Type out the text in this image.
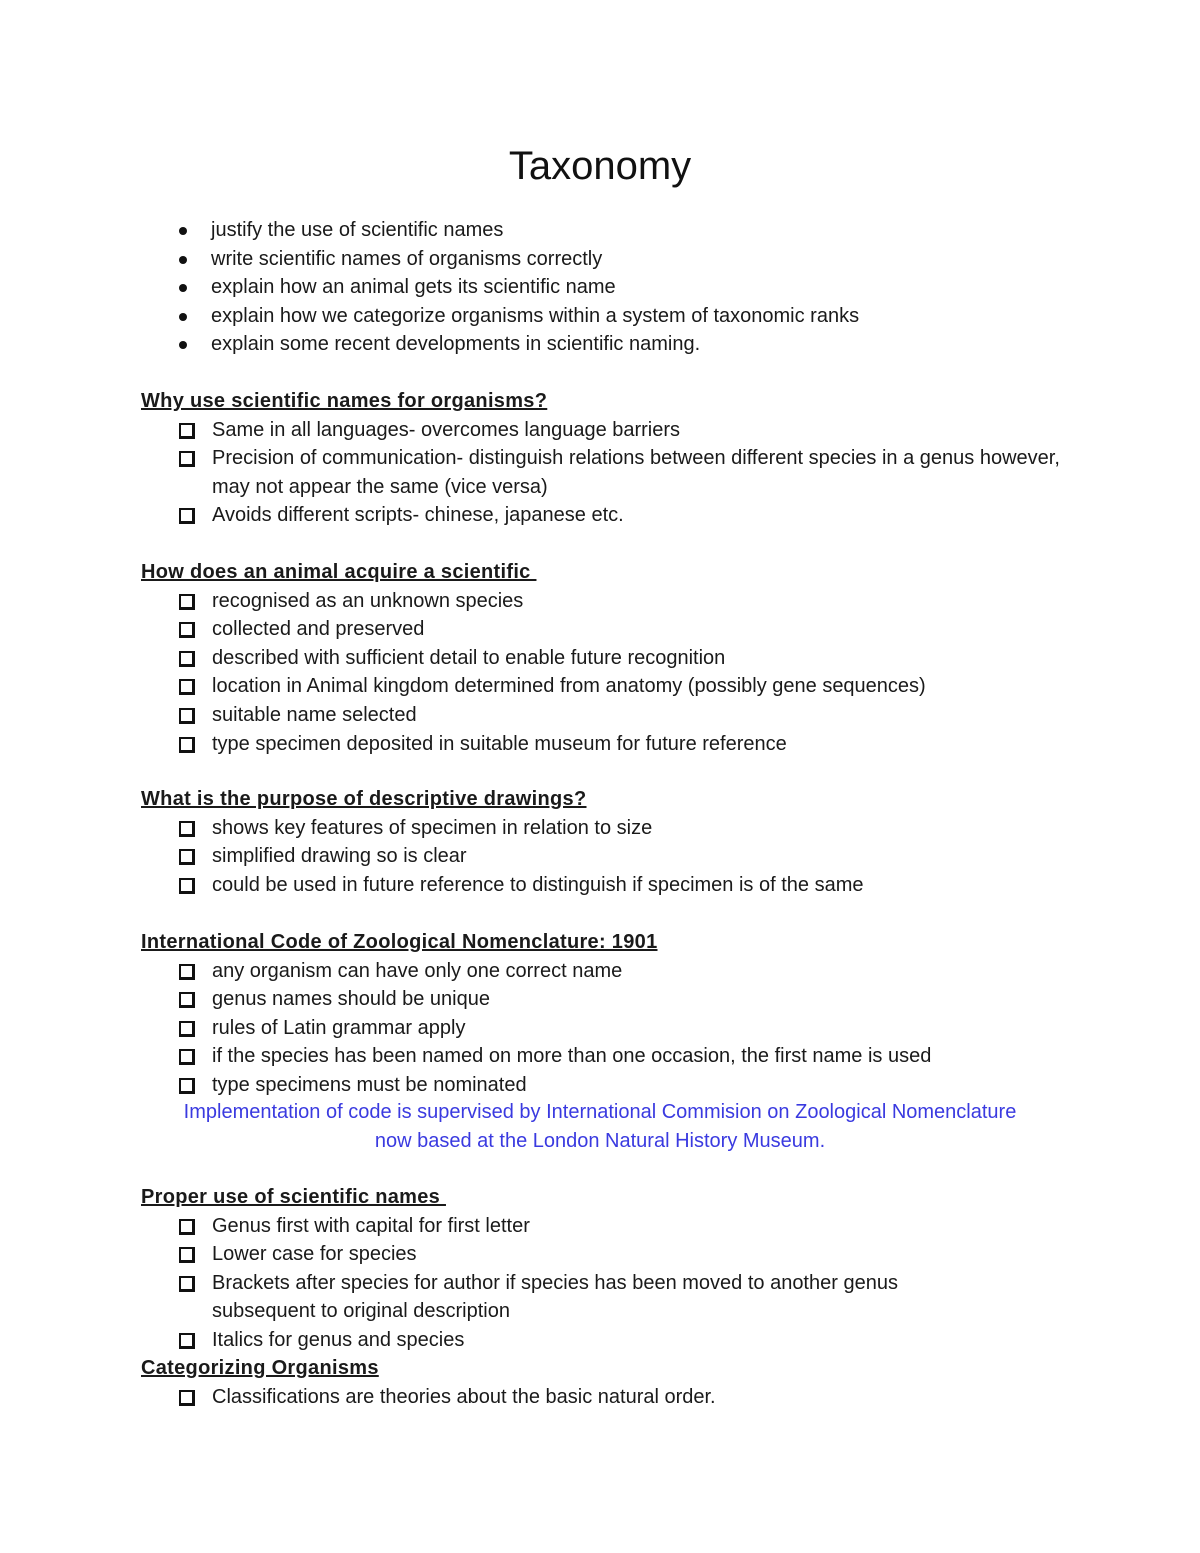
Taxonomy
justify the use of scientific names
write scientific names of organisms correctly
explain how an animal gets its scientific name
explain how we categorize organisms within a system of taxonomic ranks
explain some recent developments in scientific naming.
Why use scientific names for organisms?
Same in all languages- overcomes language barriers
Precision of communication- distinguish relations between different species in a genus however, may not appear the same (vice versa)
Avoids different scripts- chinese, japanese etc.
How does an animal acquire a scientific
recognised as an unknown species
collected and preserved
described with sufficient detail to enable future recognition
location in Animal kingdom determined from anatomy (possibly gene sequences)
suitable name selected
type specimen deposited in suitable museum for future reference
What is the purpose of descriptive drawings?
shows key features of specimen in relation to size
simplified drawing so is clear
could be used in future reference to distinguish if specimen is of the same
International Code of Zoological Nomenclature: 1901
any organism can have only one correct name
genus names should be unique
rules of Latin grammar apply
if the species has been named on more than one occasion, the first name is used
type specimens must be nominated
Implementation of code is supervised by International Commision on Zoological Nomenclature
now based at the London Natural History Museum.
Proper use of scientific names
Genus first with capital for first letter
Lower case for species
Brackets after species for author if species has been moved to another genus subsequent to original description
Italics for genus and species
Categorizing Organisms
Classifications are theories about the basic natural order.
